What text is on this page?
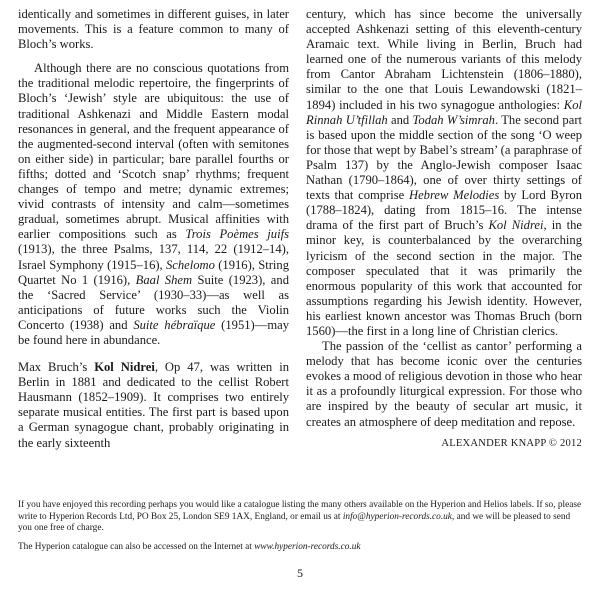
identically and sometimes in different guises, in later movements. This is a feature common to many of Bloch’s works.

Although there are no conscious quotations from the traditional melodic repertoire, the fingerprints of Bloch’s ‘Jewish’ style are ubiquitous: the use of traditional Ashkenazi and Middle Eastern modal resonances in general, and the frequent appearance of the augmented-second interval (often with semitones on either side) in particular; bare parallel fourths or fifths; dotted and ‘Scotch snap’ rhythms; frequent changes of tempo and metre; dynamic extremes; vivid contrasts of intensity and calm—sometimes gradual, sometimes abrupt. Musical affinities with earlier compositions such as Trois Poèmes juifs (1913), the three Psalms, 137, 114, 22 (1912–14), Israel Symphony (1915–16), Schelomo (1916), String Quartet No 1 (1916), Baal Shem Suite (1923), and the ‘Sacred Service’ (1930–33)—as well as anticipations of future works such the Violin Concerto (1938) and Suite hébraïque (1951)—may be found here in abundance.

Max Bruch’s Kol Nidrei, Op 47, was written in Berlin in 1881 and dedicated to the cellist Robert Hausmann (1852–1909). It comprises two entirely separate musical entities. The first part is based upon a German synagogue chant, probably originating in the early sixteenth

century, which has since become the universally accepted Ashkenazi setting of this eleventh-century Aramaic text. While living in Berlin, Bruch had learned one of the numerous variants of this melody from Cantor Abraham Lichtenstein (1806–1880), similar to the one that Louis Lewandowski (1821–1894) included in his two synagogue anthologies: Kol Rinnah U’tfillah and Todah W’simrah. The second part is based upon the middle section of the song ‘O weep for those that wept by Babel’s stream’ (a paraphrase of Psalm 137) by the Anglo-Jewish composer Isaac Nathan (1790–1864), one of over thirty settings of texts that comprise Hebrew Melodies by Lord Byron (1788–1824), dating from 1815–16. The intense drama of the first part of Bruch’s Kol Nidrei, in the minor key, is counterbalanced by the overarching lyricism of the second section in the major. The composer speculated that it was primarily the enormous popularity of this work that accounted for assumptions regarding his Jewish identity. However, his earliest known ancestor was Thomas Bruch (born 1560)—the first in a long line of Christian clerics.

The passion of the ‘cellist as cantor’ performing a melody that has become iconic over the centuries evokes a mood of religious devotion in those who hear it as a profoundly liturgical expression. For those who are inspired by the beauty of secular art music, it creates an atmosphere of deep meditation and repose.

ALEXANDER KNAPP © 2012

If you have enjoyed this recording perhaps you would like a catalogue listing the many others available on the Hyperion and Helios labels. If so, please write to Hyperion Records Ltd, PO Box 25, London SE9 1AX, England, or email us at info@hyperion-records.co.uk, and we will be pleased to send you one free of charge.

The Hyperion catalogue can also be accessed on the Internet at www.hyperion-records.co.uk

5
